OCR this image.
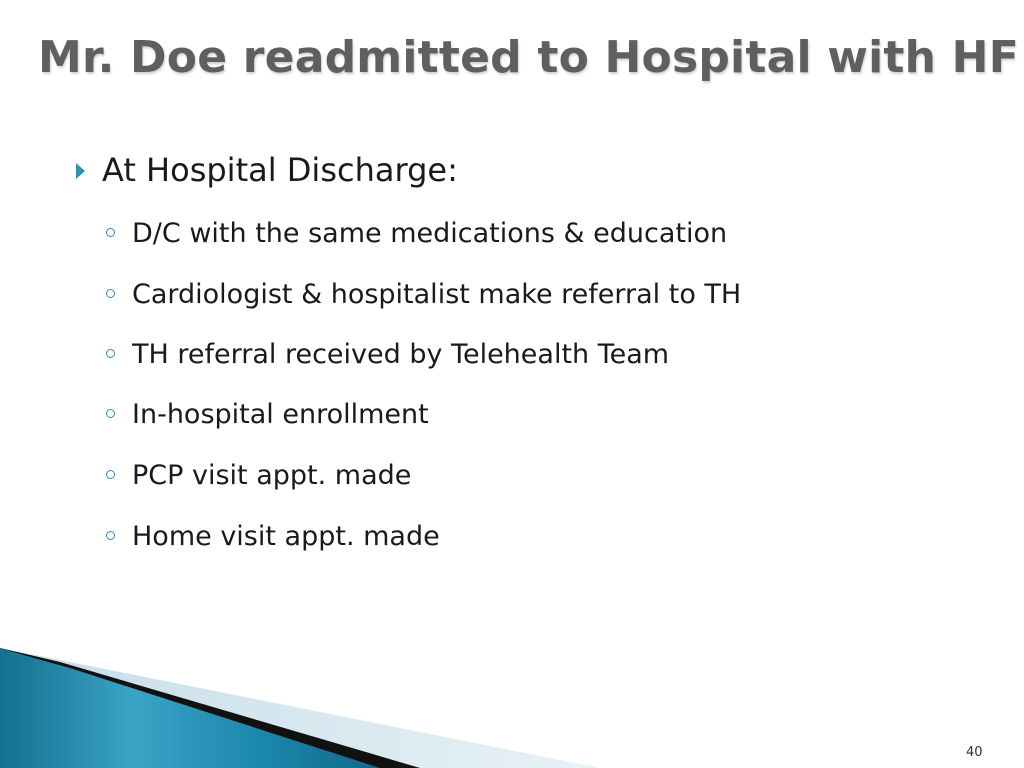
Mr. Doe readmitted to Hospital with HF
At Hospital Discharge:
D/C with the same medications & education
Cardiologist & hospitalist make referral to TH
TH referral received by Telehealth Team
In-hospital enrollment
PCP visit appt. made
Home visit appt. made
40
